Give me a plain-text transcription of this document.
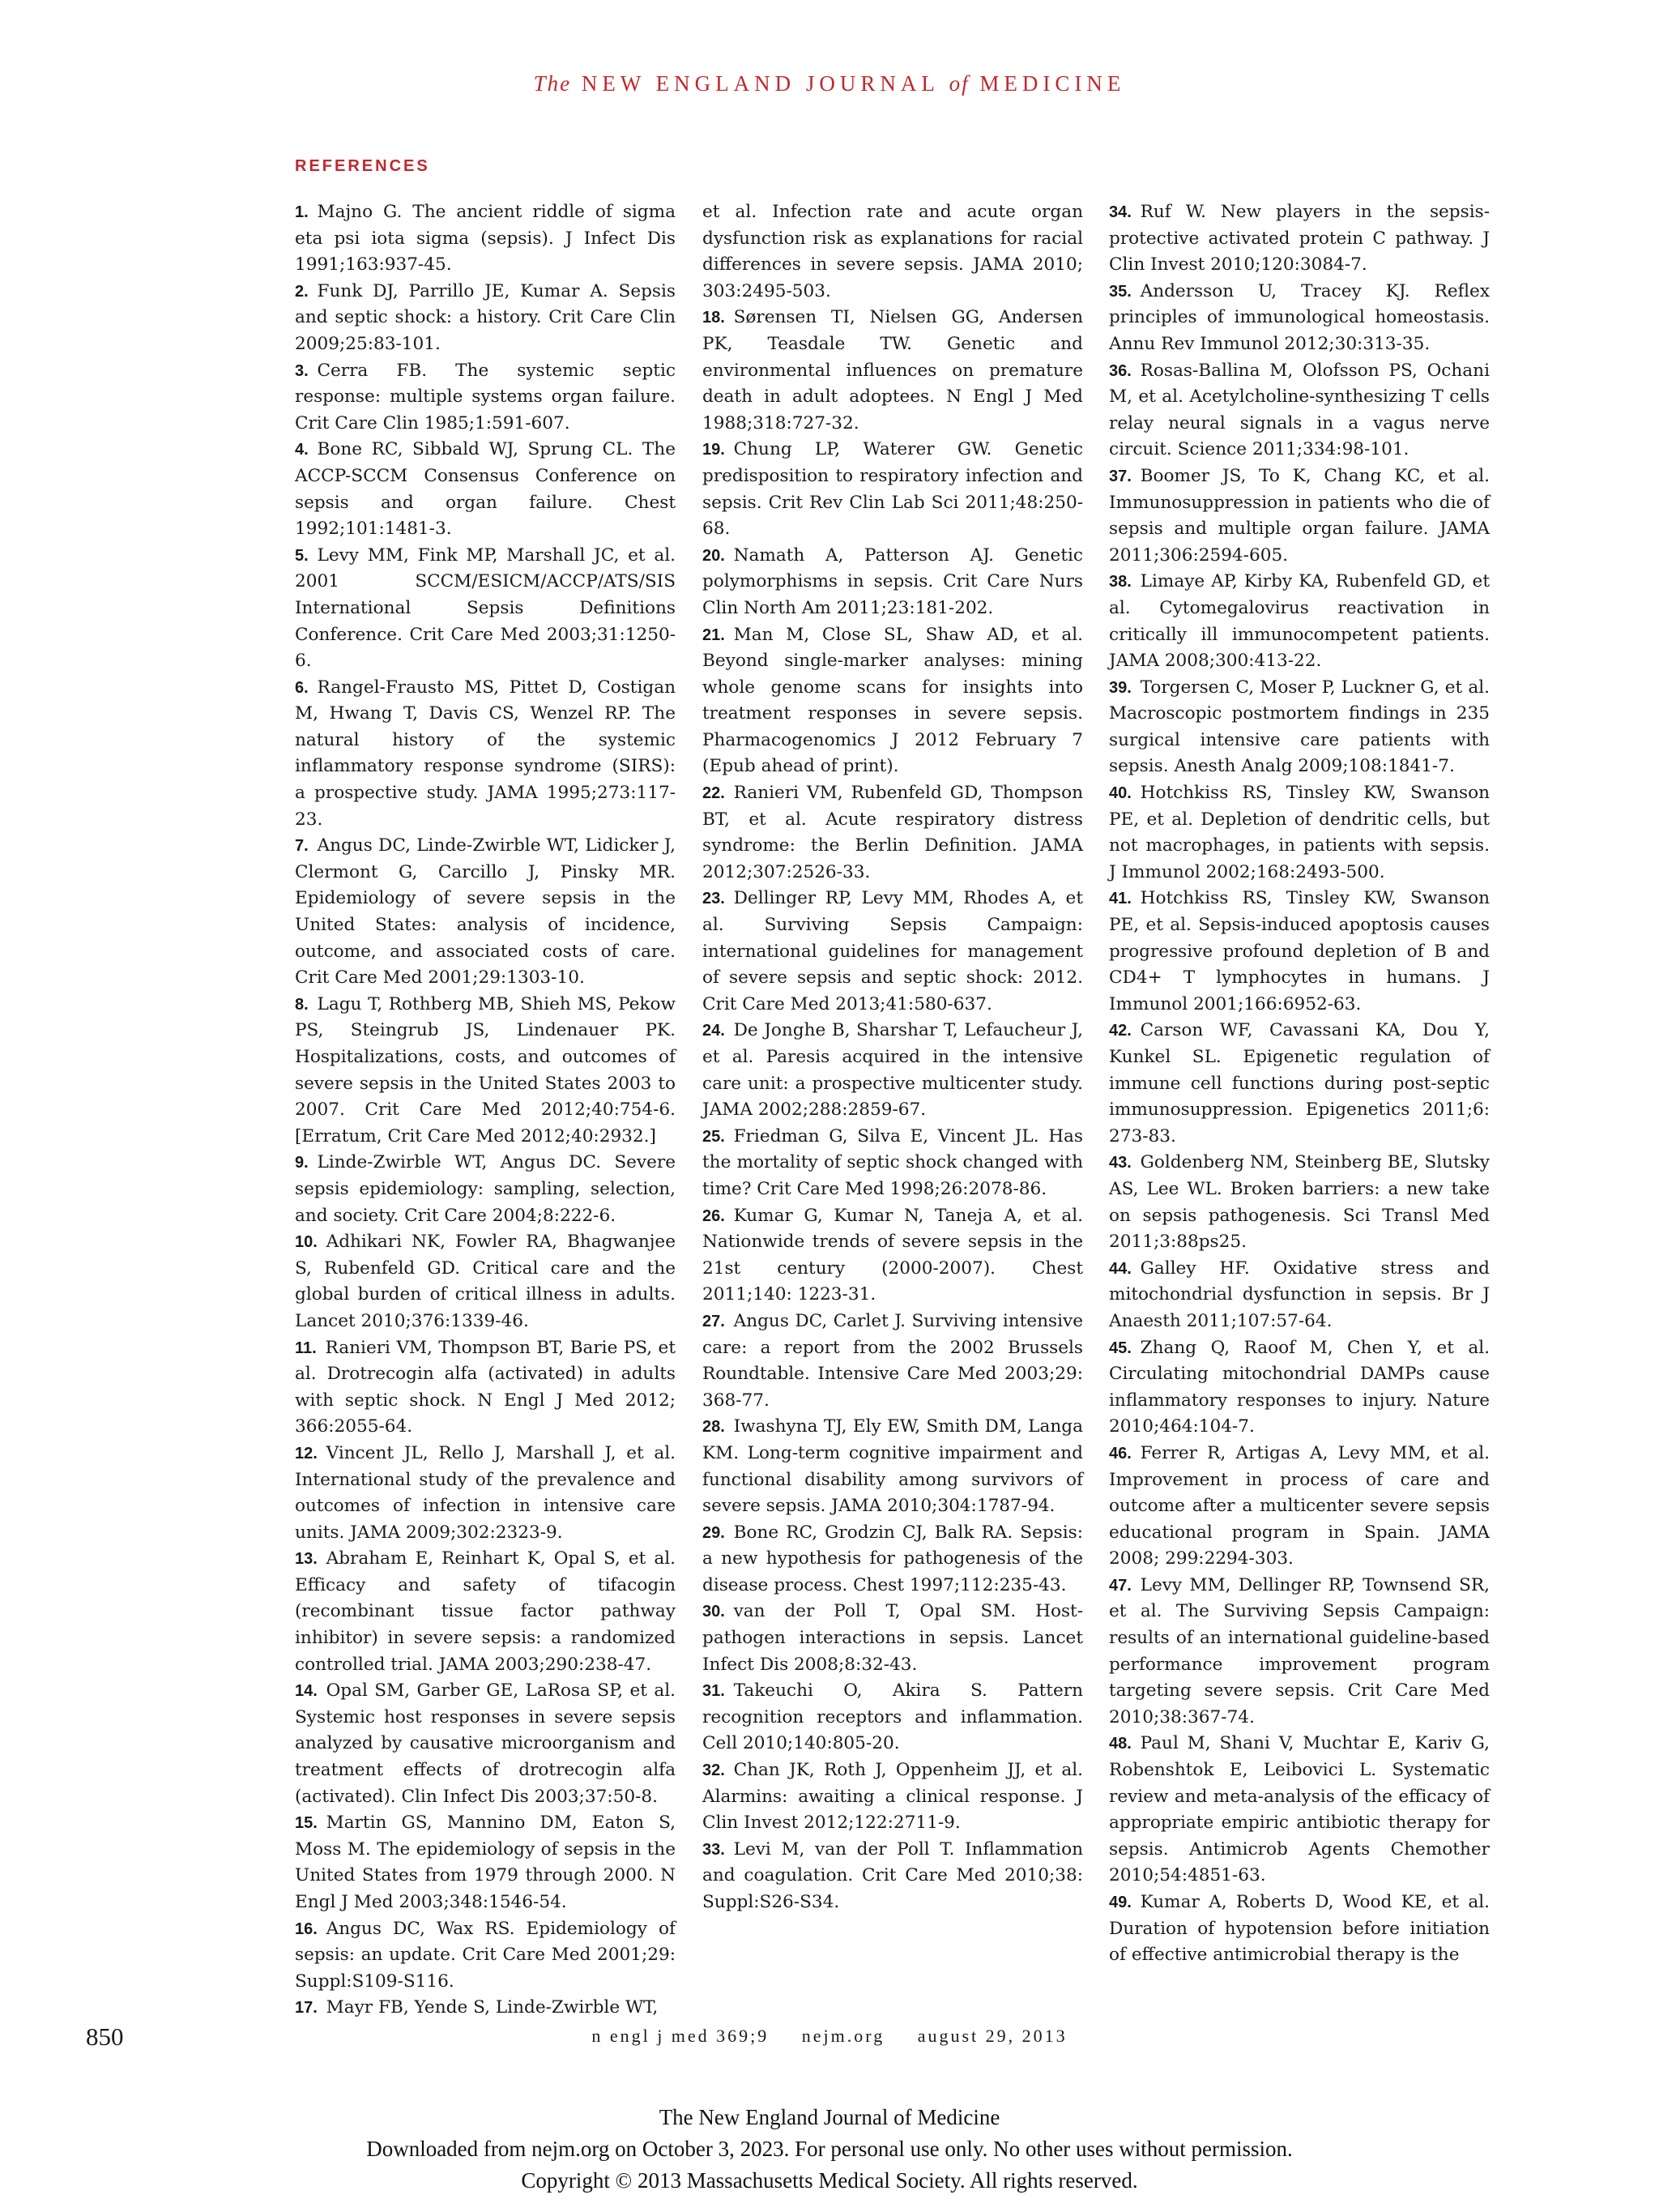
The NEW ENGLAND JOURNAL of MEDICINE
REFERENCES

1.  Majno G. The ancient riddle of sigma eta psi iota sigma (sepsis). J Infect Dis 1991;163:937-45.

2.  Funk DJ, Parrillo JE, Kumar A. Sepsis and septic shock: a history. Crit Care Clin 2009;25:83-101.

3.  Cerra FB. The systemic septic response: multiple systems organ failure. Crit Care Clin 1985;1:591-607.

4.  Bone RC, Sibbald WJ, Sprung CL. The ACCP-SCCM Consensus Conference on sepsis and organ failure. Chest 1992;101:1481-3.

5.  Levy MM, Fink MP, Marshall JC, et al. 2001 SCCM/ESICM/ACCP/ATS/SIS International Sepsis Definitions Conference. Crit Care Med 2003;31:1250-6.

6.  Rangel-Frausto MS, Pittet D, Costigan M, Hwang T, Davis CS, Wenzel RP. The natural history of the systemic inflammatory response syndrome (SIRS): a prospective study. JAMA 1995;273:117-23.

7.  Angus DC, Linde-Zwirble WT, Lidicker J, Clermont G, Carcillo J, Pinsky MR. Epidemiology of severe sepsis in the United States: analysis of incidence, outcome, and associated costs of care. Crit Care Med 2001;29:1303-10.

8.  Lagu T, Rothberg MB, Shieh MS, Pekow PS, Steingrub JS, Lindenauer PK. Hospitalizations, costs, and outcomes of severe sepsis in the United States 2003 to 2007. Crit Care Med 2012;40:754-6. [Erratum, Crit Care Med 2012;40:2932.]

9.  Linde-Zwirble WT, Angus DC. Severe sepsis epidemiology: sampling, selection, and society. Crit Care 2004;8:222-6.

10.  Adhikari NK, Fowler RA, Bhagwanjee S, Rubenfeld GD. Critical care and the global burden of critical illness in adults. Lancet 2010;376:1339-46.

11.  Ranieri VM, Thompson BT, Barie PS, et al. Drotrecogin alfa (activated) in adults with septic shock. N Engl J Med 2012; 366:2055-64.

12.  Vincent JL, Rello J, Marshall J, et al. International study of the prevalence and outcomes of infection in intensive care units. JAMA 2009;302:2323-9.

13.  Abraham E, Reinhart K, Opal S, et al. Efficacy and safety of tifacogin (recombinant tissue factor pathway inhibitor) in severe sepsis: a randomized controlled trial. JAMA 2003;290:238-47.

14.  Opal SM, Garber GE, LaRosa SP, et al. Systemic host responses in severe sepsis analyzed by causative microorganism and treatment effects of drotrecogin alfa (activated). Clin Infect Dis 2003;37:50-8.

15.  Martin GS, Mannino DM, Eaton S, Moss M. The epidemiology of sepsis in the United States from 1979 through 2000. N Engl J Med 2003;348:1546-54.

16.  Angus DC, Wax RS. Epidemiology of sepsis: an update. Crit Care Med 2001;29: Suppl:S109-S116.

17.  Mayr FB, Yende S, Linde-Zwirble WT,

et al. Infection rate and acute organ dysfunction risk as explanations for racial differences in severe sepsis. JAMA 2010; 303:2495-503.

18.  Sørensen TI, Nielsen GG, Andersen PK, Teasdale TW. Genetic and environmental influences on premature death in adult adoptees. N Engl J Med 1988;318:727-32.

19.  Chung LP, Waterer GW. Genetic predisposition to respiratory infection and sepsis. Crit Rev Clin Lab Sci 2011;48:250-68.

20.  Namath A, Patterson AJ. Genetic polymorphisms in sepsis. Crit Care Nurs Clin North Am 2011;23:181-202.

21.  Man M, Close SL, Shaw AD, et al. Beyond single-marker analyses: mining whole genome scans for insights into treatment responses in severe sepsis. Pharmacogenomics J 2012 February 7 (Epub ahead of print).

22.  Ranieri VM, Rubenfeld GD, Thompson BT, et al. Acute respiratory distress syndrome: the Berlin Definition. JAMA 2012;307:2526-33.

23.  Dellinger RP, Levy MM, Rhodes A, et al. Surviving Sepsis Campaign: international guidelines for management of severe sepsis and septic shock: 2012. Crit Care Med 2013;41:580-637.

24.  De Jonghe B, Sharshar T, Lefaucheur J, et al. Paresis acquired in the intensive care unit: a prospective multicenter study. JAMA 2002;288:2859-67.

25.  Friedman G, Silva E, Vincent JL. Has the mortality of septic shock changed with time? Crit Care Med 1998;26:2078-86.

26.  Kumar G, Kumar N, Taneja A, et al. Nationwide trends of severe sepsis in the 21st century (2000-2007). Chest 2011;140: 1223-31.

27.  Angus DC, Carlet J. Surviving intensive care: a report from the 2002 Brussels Roundtable. Intensive Care Med 2003;29: 368-77.

28.  Iwashyna TJ, Ely EW, Smith DM, Langa KM. Long-term cognitive impairment and functional disability among survivors of severe sepsis. JAMA 2010;304:1787-94.

29.  Bone RC, Grodzin CJ, Balk RA. Sepsis: a new hypothesis for pathogenesis of the disease process. Chest 1997;112:235-43.

30.  van der Poll T, Opal SM. Host-pathogen interactions in sepsis. Lancet Infect Dis 2008;8:32-43.

31.  Takeuchi O, Akira S. Pattern recognition receptors and inflammation. Cell 2010;140:805-20.

32.  Chan JK, Roth J, Oppenheim JJ, et al. Alarmins: awaiting a clinical response. J Clin Invest 2012;122:2711-9.

33.  Levi M, van der Poll T. Inflammation and coagulation. Crit Care Med 2010;38: Suppl:S26-S34.

34.  Ruf W. New players in the sepsis-protective activated protein C pathway. J Clin Invest 2010;120:3084-7.

35.  Andersson U, Tracey KJ. Reflex principles of immunological homeostasis. Annu Rev Immunol 2012;30:313-35.

36.  Rosas-Ballina M, Olofsson PS, Ochani M, et al. Acetylcholine-synthesizing T cells relay neural signals in a vagus nerve circuit. Science 2011;334:98-101.

37.  Boomer JS, To K, Chang KC, et al. Immunosuppression in patients who die of sepsis and multiple organ failure. JAMA 2011;306:2594-605.

38.  Limaye AP, Kirby KA, Rubenfeld GD, et al. Cytomegalovirus reactivation in critically ill immunocompetent patients. JAMA 2008;300:413-22.

39.  Torgersen C, Moser P, Luckner G, et al. Macroscopic postmortem findings in 235 surgical intensive care patients with sepsis. Anesth Analg 2009;108:1841-7.

40.  Hotchkiss RS, Tinsley KW, Swanson PE, et al. Depletion of dendritic cells, but not macrophages, in patients with sepsis. J Immunol 2002;168:2493-500.

41.  Hotchkiss RS, Tinsley KW, Swanson PE, et al. Sepsis-induced apoptosis causes progressive profound depletion of B and CD4+ T lymphocytes in humans. J Immunol 2001;166:6952-63.

42.  Carson WF, Cavassani KA, Dou Y, Kunkel SL. Epigenetic regulation of immune cell functions during post-septic immunosuppression. Epigenetics 2011;6: 273-83.

43.  Goldenberg NM, Steinberg BE, Slutsky AS, Lee WL. Broken barriers: a new take on sepsis pathogenesis. Sci Transl Med 2011;3:88ps25.

44.  Galley HF. Oxidative stress and mitochondrial dysfunction in sepsis. Br J Anaesth 2011;107:57-64.

45.  Zhang Q, Raoof M, Chen Y, et al. Circulating mitochondrial DAMPs cause inflammatory responses to injury. Nature 2010;464:104-7.

46.  Ferrer R, Artigas A, Levy MM, et al. Improvement in process of care and outcome after a multicenter severe sepsis educational program in Spain. JAMA 2008; 299:2294-303.

47.  Levy MM, Dellinger RP, Townsend SR, et al. The Surviving Sepsis Campaign: results of an international guideline-based performance improvement program targeting severe sepsis. Crit Care Med 2010;38:367-74.

48.  Paul M, Shani V, Muchtar E, Kariv G, Robenshtok E, Leibovici L. Systematic review and meta-analysis of the efficacy of appropriate empiric antibiotic therapy for sepsis. Antimicrob Agents Chemother 2010;54:4851-63.

49.  Kumar A, Roberts D, Wood KE, et al. Duration of hypotension before initiation of effective antimicrobial therapy is the

850	n engl j med 369;9 nejm.org august 29, 2013
The New England Journal of Medicine
Downloaded from nejm.org on October 3, 2023. For personal use only. No other uses without permission.
Copyright © 2013 Massachusetts Medical Society. All rights reserved.
